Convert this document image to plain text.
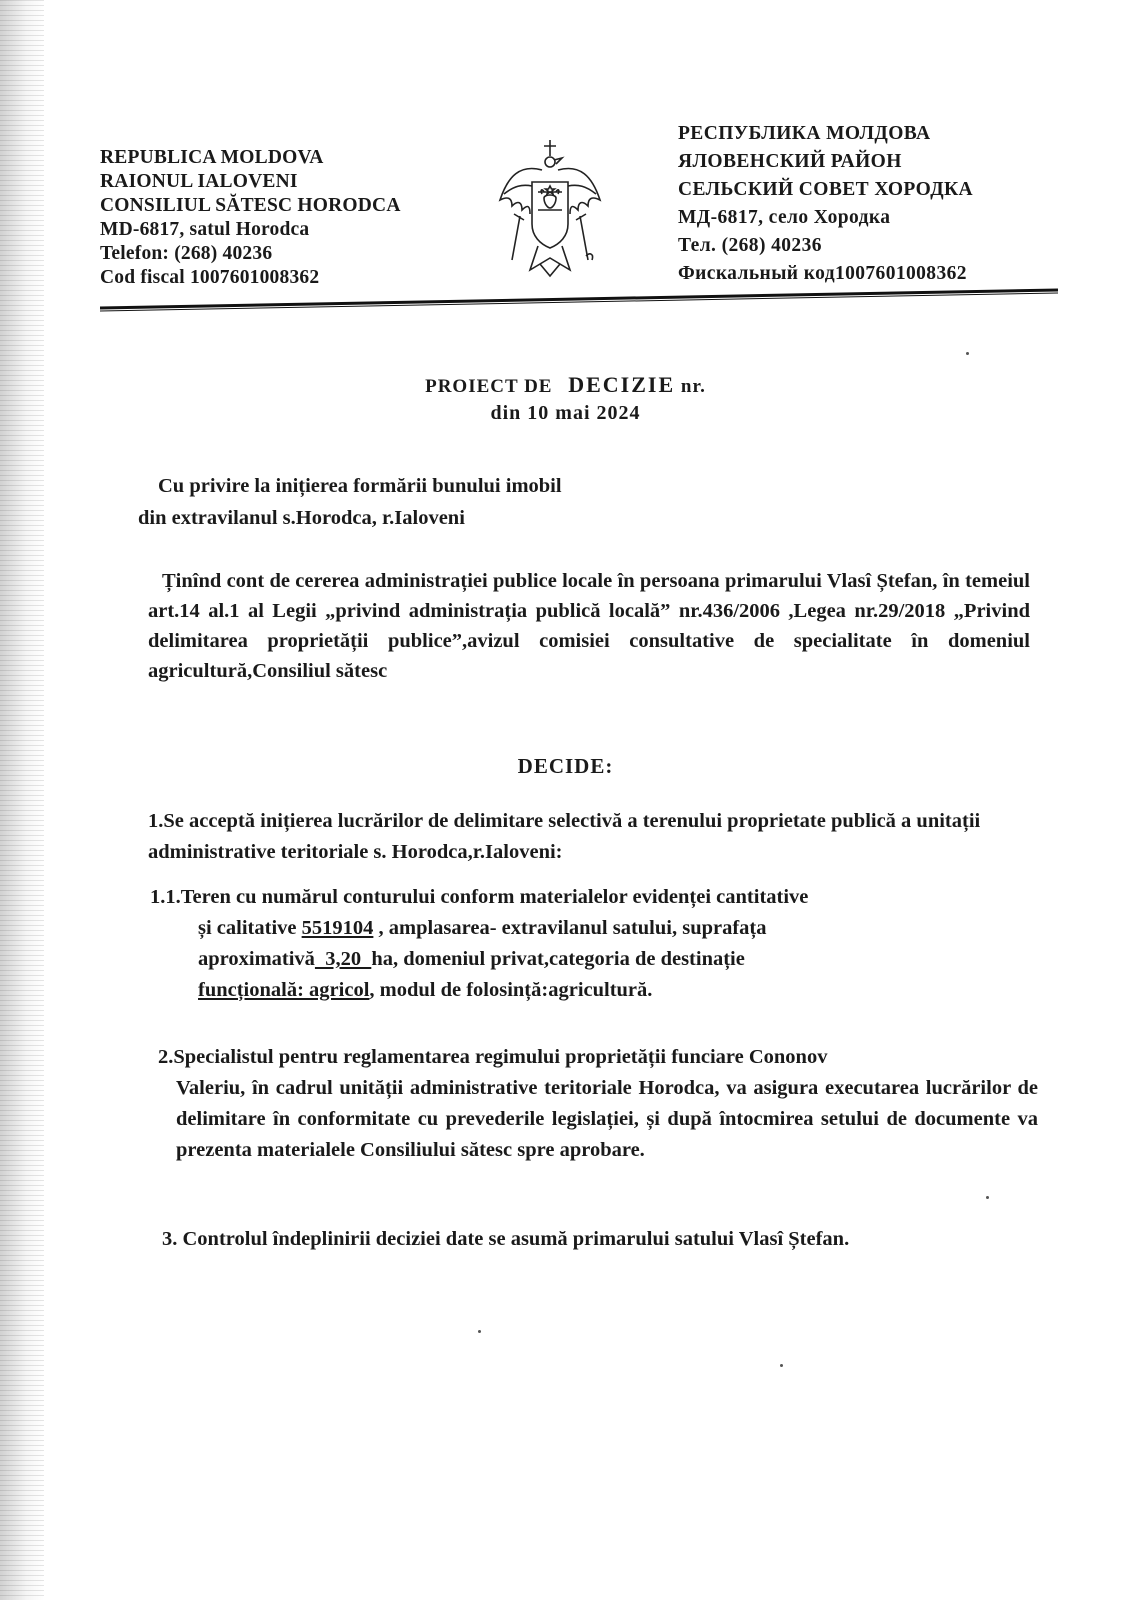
REPUBLICA MOLDOVA
RAIONUL IALOVENI
CONSILIUL SĂTESC HORODCA
MD-6817, satul Horodca
Telefon: (268) 40236
Cod fiscal 1007601008362
РЕСПУБЛИКА МОЛДОВА
ЯЛОВЕНСКИЙ РАЙОН
СЕЛЬСКИЙ СОВЕТ ХОРОДКА
МД-6817, село Хородка
Тел. (268) 40236
Фискальный код1007601008362
PROIECT DE DECIZIE nr.
din 10 mai 2024
Cu privire la inițierea formării bunului imobil
din extravilanul s.Horodca, r.Ialoveni
Ținînd cont de cererea administrației publice locale în persoana primarului Vlasî Ștefan, în temeiul art.14 al.1 al Legii „privind administrația publică locală” nr.436/2006 ,Legea nr.29/2018 „Privind delimitarea proprietății publice”,avizul comisiei consultative de specialitate în domeniul agricultură,Consiliul sătesc
DECIDE:
1.Se acceptă inițierea lucrărilor de delimitare selectivă a terenului proprietate publică a unitații administrative teritoriale s. Horodca,r.Ialoveni:
1.1.Teren cu numărul conturului conform materialelor evidenței cantitative
și calitative 5519104 , amplasarea- extravilanul satului, suprafața
aproximativă  3,20  ha, domeniul privat,categoria de destinație
funcțională: agricol, modul de folosință:agricultură.
2.Specialistul pentru reglamentarea regimului proprietății funciare Cononov
Valeriu, în cadrul unității administrative teritoriale Horodca, va asigura executarea lucrărilor de delimitare în conformitate cu prevederile legislației, și după întocmirea setului de documente va prezenta materialele Consiliului sătesc spre aprobare.
3. Controlul îndeplinirii deciziei date se asumă primarului satului Vlasî Ștefan.
